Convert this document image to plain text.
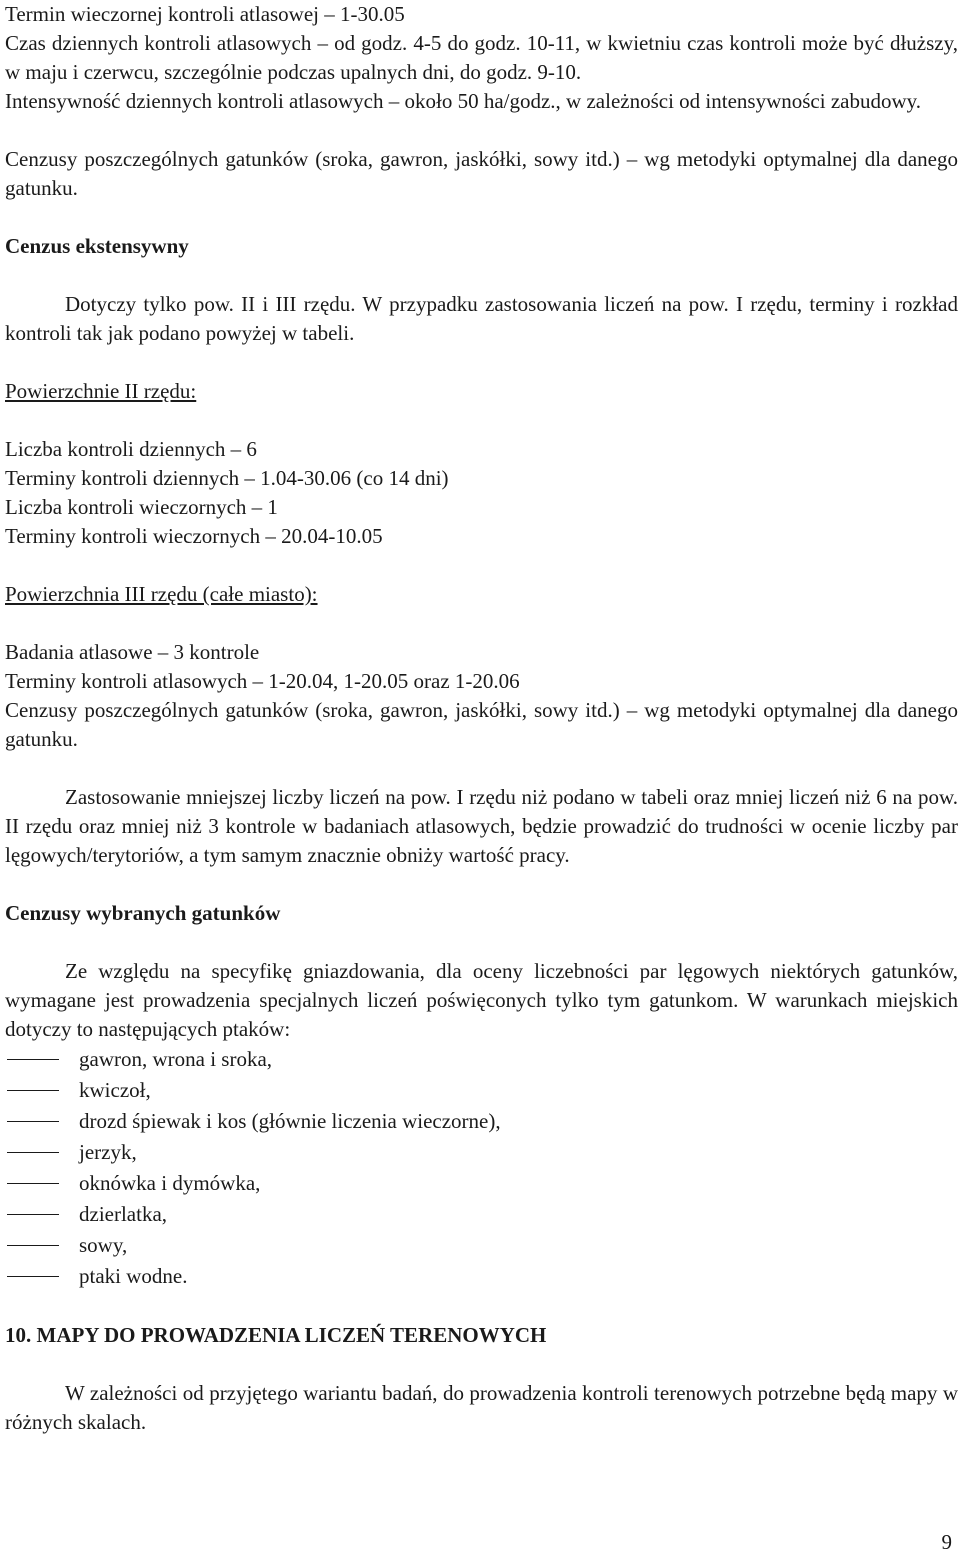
Termin wieczornej kontroli atlasowej – 1-30.05

Czas dziennych kontroli atlasowych – od godz. 4-5 do godz. 10-11, w kwietniu czas kontroli może być dłuższy, w maju i czerwcu, szczególnie podczas upalnych dni, do godz. 9-10.

Intensywność dziennych kontroli atlasowych – około 50 ha/godz., w zależności od intensywności zabudowy.

Cenzusy poszczególnych gatunków (sroka, gawron, jaskółki, sowy itd.) – wg metodyki optymalnej dla danego gatunku.

Cenzus ekstensywny

Dotyczy tylko pow. II i III rzędu. W przypadku zastosowania liczeń na pow. I rzędu, terminy i rozkład kontroli tak jak podano powyżej w tabeli.

Powierzchnie II rzędu:

Liczba kontroli dziennych – 6

Terminy kontroli dziennych – 1.04-30.06 (co 14 dni)

Liczba kontroli wieczornych – 1

Terminy kontroli wieczornych – 20.04-10.05

Powierzchnia III rzędu (całe miasto):

Badania atlasowe – 3 kontrole

Terminy kontroli atlasowych – 1-20.04, 1-20.05 oraz 1-20.06

Cenzusy poszczególnych gatunków (sroka, gawron, jaskółki, sowy itd.) – wg metodyki optymalnej dla danego gatunku.

Zastosowanie mniejszej liczby liczeń na pow. I rzędu niż podano w tabeli oraz mniej liczeń niż 6 na pow. II rzędu oraz mniej niż 3 kontrole w badaniach atlasowych, będzie prowadzić do trudności w ocenie liczby par lęgowych/terytoriów, a tym samym znacznie obniży wartość pracy.

Cenzusy wybranych gatunków

Ze względu na specyfikę gniazdowania, dla oceny liczebności par lęgowych niektórych gatunków, wymagane jest prowadzenia specjalnych liczeń poświęconych tylko tym gatunkom. W warunkach miejskich dotyczy to następujących ptaków:

gawron, wrona i sroka,
kwiczoł,
drozd śpiewak i kos (głównie liczenia wieczorne),
jerzyk,
oknówka i dymówka,
dzierlatka,
sowy,
ptaki wodne.

10. MAPY DO PROWADZENIA LICZEŃ TERENOWYCH

W zależności od przyjętego wariantu badań, do prowadzenia kontroli terenowych potrzebne będą mapy w różnych skalach.

9
